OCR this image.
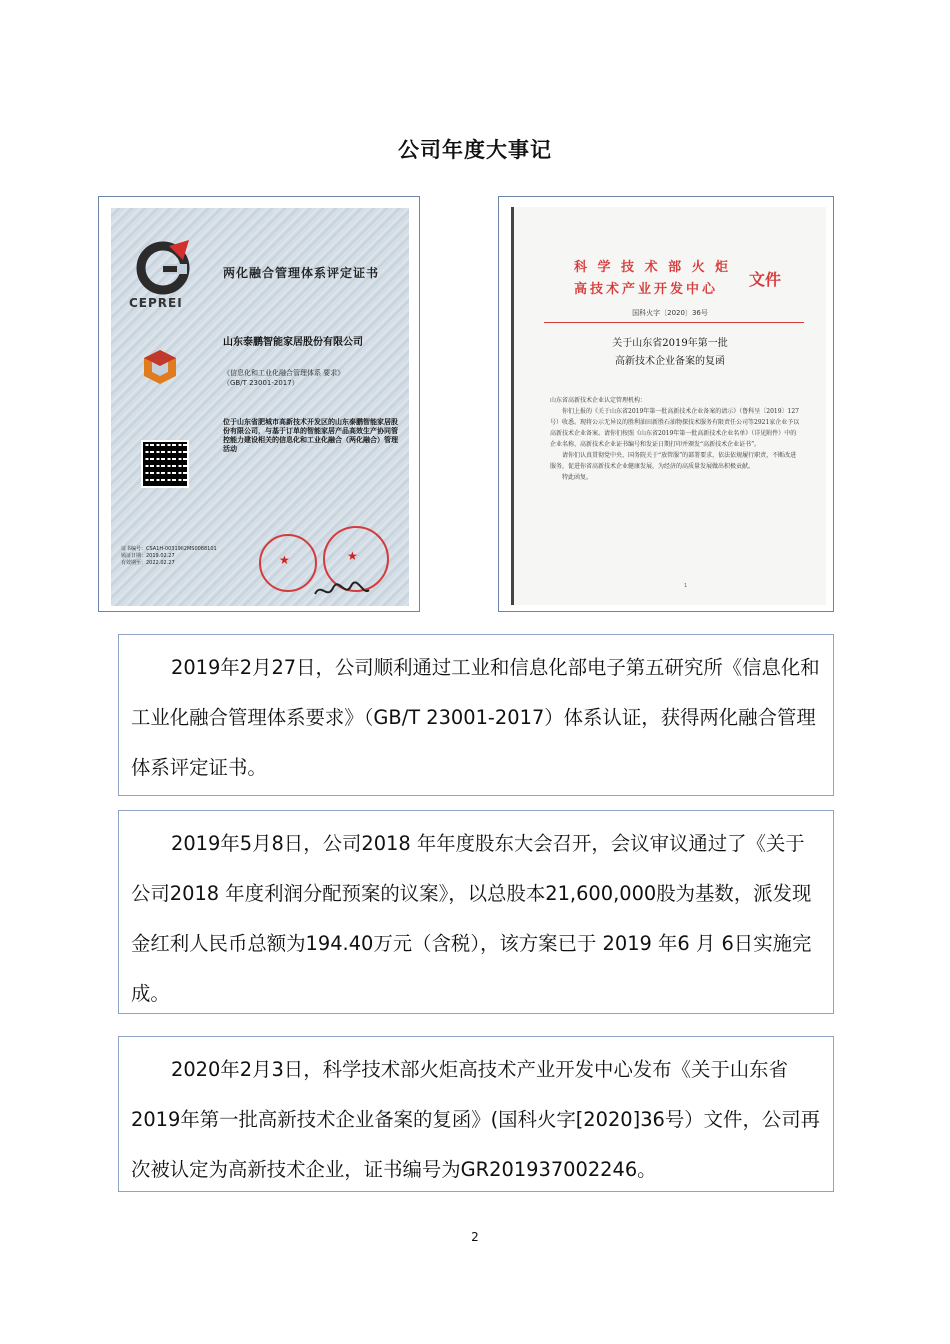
公司年度大事记
CEPREI
两化融合管理体系评定证书
山东泰鹏智能家居股份有限公司
《信息化和工业化融合管理体系 要求》
（GB/T 23001-2017）
位于山东省肥城市高新技术开发区的山东泰鹏智能家居股份有限公司，与基于订单的智能家居产品高效生产协同管控能力建设相关的信息化和工业化融合（两化融合）管理活动
证书编号：CSA1H-00319II2MS0088101
颁证日期：2019.02.27
有效期至：2022.02.27	★	★
科 学 技 术 部 火 炬
高技术产业开发中心
文件
国科火字〔2020〕36号
关于山东省2019年第一批
高新技术企业备案的复函
山东省高新技术企业认定管理机构：
你们上报的《关于山东省2019年第一批高新技术企业备案的请示》（鲁科呈〔2019〕127号）收悉。现将公示无异议的胜利油田新胜石油物探技术服务有限责任公司等2921家企业予以高新技术企业备案。请你们按照《山东省2019年第一批高新技术企业名单》（详见附件）中的企业名称、高新技术企业证书编号和发证日期打印并颁发“高新技术企业证书”。
请你们认真贯彻党中央、国务院关于“放管服”的部署要求，依法依规履行职责，不断改进服务，促进你省高新技术企业健康发展，为经济的高质量发展做出积极贡献。
特此函复。
1
2019年2月27日，公司顺利通过工业和信息化部电子第五研究所《信息化和工业化融合管理体系要求》（GB/T 23001-2017）体系认证，获得两化融合管理体系评定证书。
2019年5月8日，公司2018 年年度股东大会召开，会议审议通过了《关于公司2018 年度利润分配预案的议案》，以总股本21,600,000股为基数，派发现金红利人民币总额为194.40万元（含税），该方案已于 2019 年6 月 6日实施完成。
2020年2月3日，科学技术部火炬高技术产业开发中心发布《关于山东省2019年第一批高新技术企业备案的复函》(国科火字[2020]36号）文件，公司再次被认定为高新技术企业，证书编号为GR201937002246。
2
